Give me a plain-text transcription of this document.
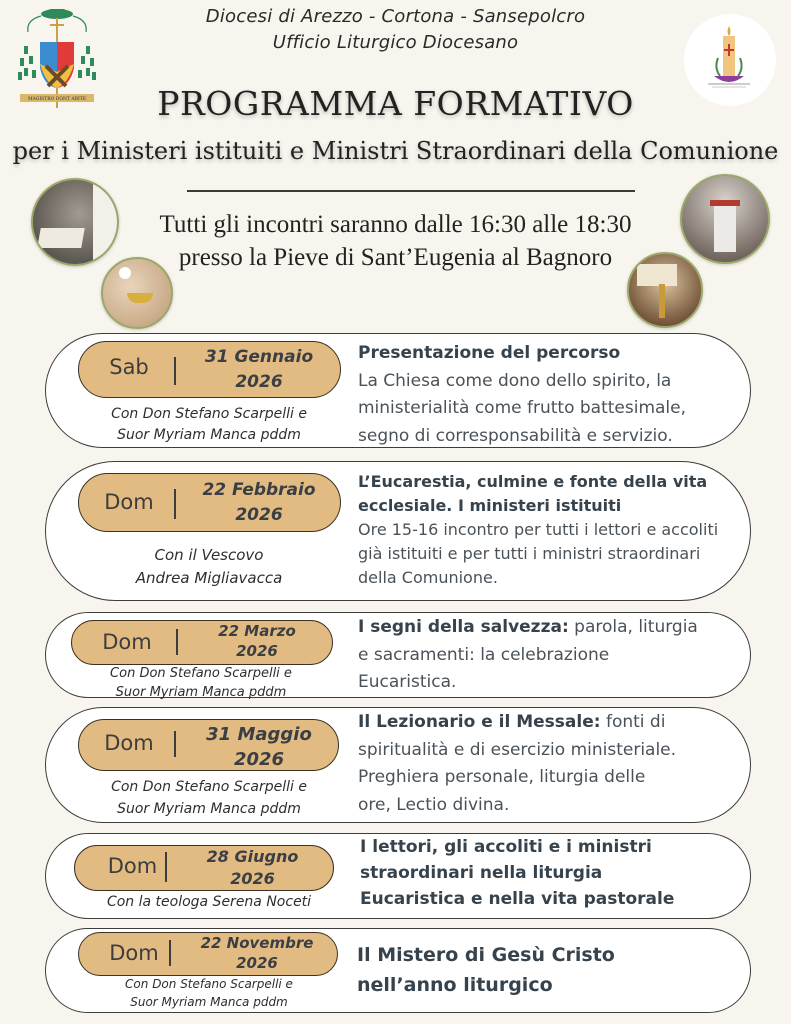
MAGISTRO DONT ABITE
Diocesi di Arezzo - Cortona - Sansepolcro
Ufficio Liturgico Diocesano
PROGRAMMA FORMATIVO
per i Ministeri istituiti e Ministri Straordinari della Comunione
Tutti gli incontri saranno dalle 16:30 alle 18:30
presso la Pieve di Sant’Eugenia al Bagnoro
Sab	31 Gennaio
2026
Con Don Stefano Scarpelli e
Suor Myriam Manca pddm
Presentazione del percorso
La Chiesa come dono dello spirito, la
ministerialità come frutto battesimale,
segno di corresponsabilità e servizio.
Dom	22 Febbraio
2026
Con il Vescovo
Andrea Migliavacca
L’Eucarestia, culmine e fonte della vita
ecclesiale. I ministeri istituiti
Ore 15-16 incontro per tutti i lettori e accoliti
già istituiti e per tutti i ministri straordinari
della Comunione.
Dom	22 Marzo
2026
Con Don Stefano Scarpelli e
Suor Myriam Manca pddm
I segni della salvezza: parola, liturgia
e sacramenti: la celebrazione
Eucaristica.
Dom	31 Maggio
2026
Con Don Stefano Scarpelli e
Suor Myriam Manca pddm
Il Lezionario e il Messale: fonti di
spiritualità e di esercizio ministeriale.
Preghiera personale, liturgia delle
ore, Lectio divina.
Dom	28 Giugno
2026
Con la teologa Serena Noceti
I lettori, gli accoliti e i ministri
straordinari nella liturgia
Eucaristica e nella vita pastorale
Dom	22 Novembre
2026
Con Don Stefano Scarpelli e
Suor Myriam Manca pddm
Il Mistero di Gesù Cristo
nell’anno liturgico
